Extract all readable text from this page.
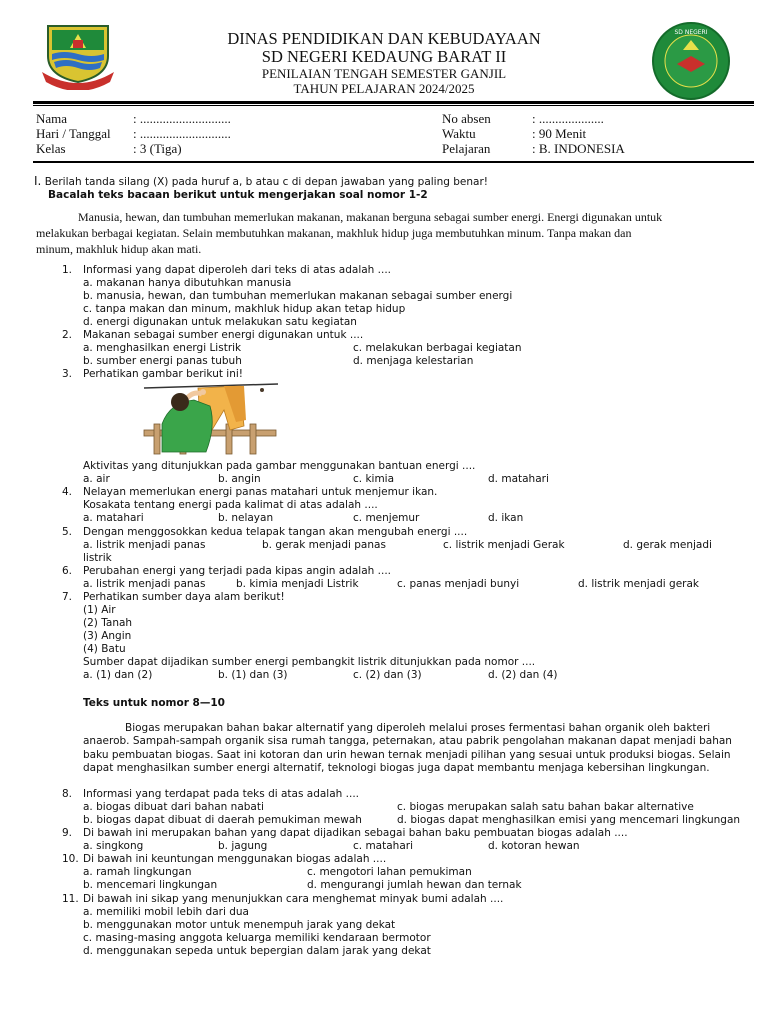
SD NEGERI
DINAS PENDIDIKAN DAN KEBUDAYAAN
SD NEGERI KEDAUNG BARAT II
PENILAIAN TENGAH SEMESTER GANJIL
TAHUN PELAJARAN 2024/2025
Nama	: ............................
Hari / Tanggal : ............................
Kelas	: 3 (Tiga)
No absen	: ....................
Waktu	: 90 Menit
Pelajaran	: B. INDONESIA
I. Berilah tanda silang (X) pada huruf a, b atau c di depan jawaban yang paling benar!
Bacalah teks bacaan berikut untuk mengerjakan soal nomor 1-2
Manusia, hewan, dan tumbuhan memerlukan makanan, makanan berguna sebagai sumber energi. Energi digunakan untuk
melakukan berbagai kegiatan. Selain membutuhkan makanan, makhluk hidup juga membutuhkan minum. Tanpa makan dan
minum, makhluk hidup akan mati.
1. Informasi yang dapat diperoleh dari teks di atas adalah ....
a. makanan hanya dibutuhkan manusia
b. manusia, hewan, dan tumbuhan memerlukan makanan sebagai sumber energi
c. tanpa makan dan minum, makhluk hidup akan tetap hidup
d. energi digunakan untuk melakukan satu kegiatan
2. Makanan sebagai sumber energi digunakan untuk ....
a. menghasilkan energi Listrik	c. melakukan berbagai kegiatan
b. sumber energi panas tubuh	d. menjaga kelestarian
3. Perhatikan gambar berikut ini!
Aktivitas yang ditunjukkan pada gambar menggunakan bantuan energi ....
a. air	b. angin	c. kimia	d. matahari
4. Nelayan memerlukan energi panas matahari untuk menjemur ikan.
Kosakata tentang energi pada kalimat di atas adalah ....
a. matahari	b. nelayan	c. menjemur	d. ikan
5. Dengan menggosokkan kedua telapak tangan akan mengubah energi ....
a. listrik menjadi panas	b. gerak menjadi panas	c. listrik menjadi Gerak	d. gerak menjadi
listrik
6. Perubahan energi yang terjadi pada kipas angin adalah ....
a. listrik menjadi panas	b. kimia menjadi Listrik	c. panas menjadi bunyi	d. listrik menjadi gerak
7. Perhatikan sumber daya alam berikut!
(1) Air
(2) Tanah
(3) Angin
(4) Batu
Sumber dapat dijadikan sumber energi pembangkit listrik ditunjukkan pada nomor ....
a. (1) dan (2)	b. (1) dan (3)	c. (2) dan (3)	d. (2) dan (4)
Teks untuk nomor 8—10
Biogas merupakan bahan bakar alternatif yang diperoleh melalui proses fermentasi bahan organik oleh bakteri
anaerob. Sampah-sampah organik sisa rumah tangga, peternakan, atau pabrik pengolahan makanan dapat menjadi bahan
baku pembuatan biogas. Saat ini kotoran dan urin hewan ternak menjadi pilihan yang sesuai untuk produksi biogas. Selain
dapat menghasilkan sumber energi alternatif, teknologi biogas juga dapat membantu menjaga kebersihan lingkungan.
8. Informasi yang terdapat pada teks di atas adalah ....
a. biogas dibuat dari bahan nabati	c. biogas merupakan salah satu bahan bakar alternative
b. biogas dapat dibuat di daerah pemukiman mewah	d. biogas dapat menghasilkan emisi yang mencemari lingkungan
9. Di bawah ini merupakan bahan yang dapat dijadikan sebagai bahan baku pembuatan biogas adalah ....
a. singkong	b. jagung	c. matahari	d. kotoran hewan
10. Di bawah ini keuntungan menggunakan biogas adalah ....
a. ramah lingkungan	c. mengotori lahan pemukiman
b. mencemari lingkungan	d. mengurangi jumlah hewan dan ternak
11. Di bawah ini sikap yang menunjukkan cara menghemat minyak bumi adalah ....
a. memiliki mobil lebih dari dua
b. menggunakan motor untuk menempuh jarak yang dekat
c. masing-masing anggota keluarga memiliki kendaraan bermotor
d. menggunakan sepeda untuk bepergian dalam jarak yang dekat
